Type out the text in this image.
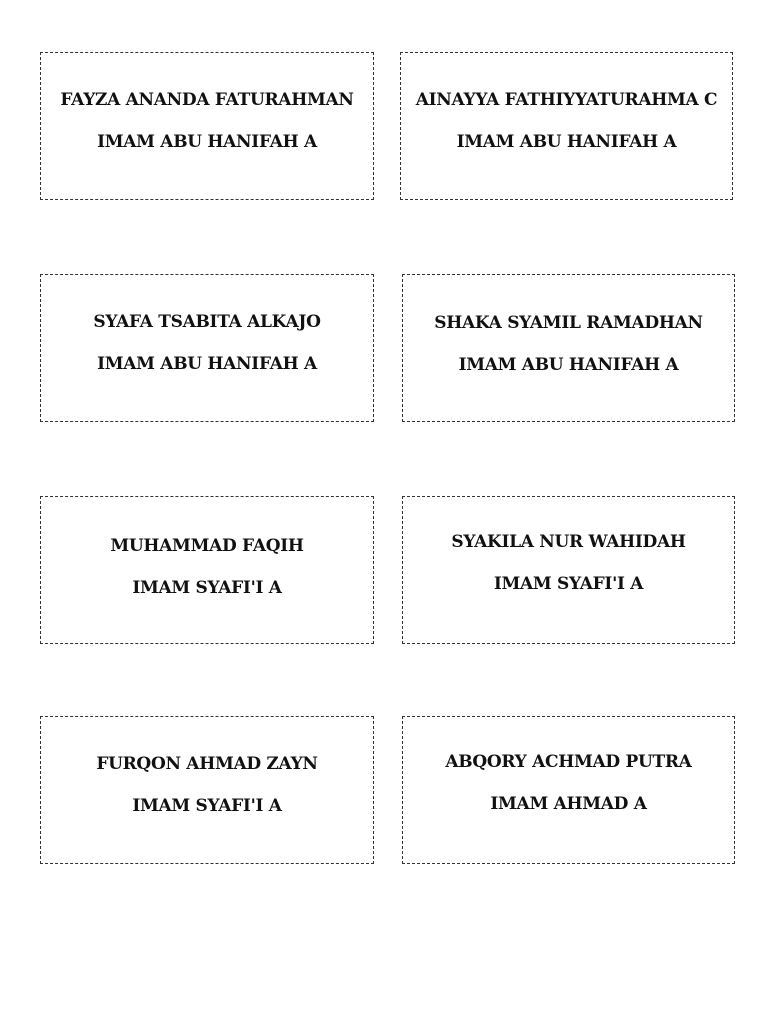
FAYZA ANANDA FATURAHMAN
IMAM ABU HANIFAH A
AINAYYA FATHIYYATURAHMA C
IMAM ABU HANIFAH A
SYAFA TSABITA ALKAJO
IMAM ABU HANIFAH A
SHAKA SYAMIL RAMADHAN
IMAM ABU HANIFAH A
MUHAMMAD FAQIH
IMAM SYAFI'I A
SYAKILA NUR WAHIDAH
IMAM SYAFI'I A
FURQON AHMAD ZAYN
IMAM SYAFI'I A
ABQORY ACHMAD PUTRA
IMAM AHMAD A
